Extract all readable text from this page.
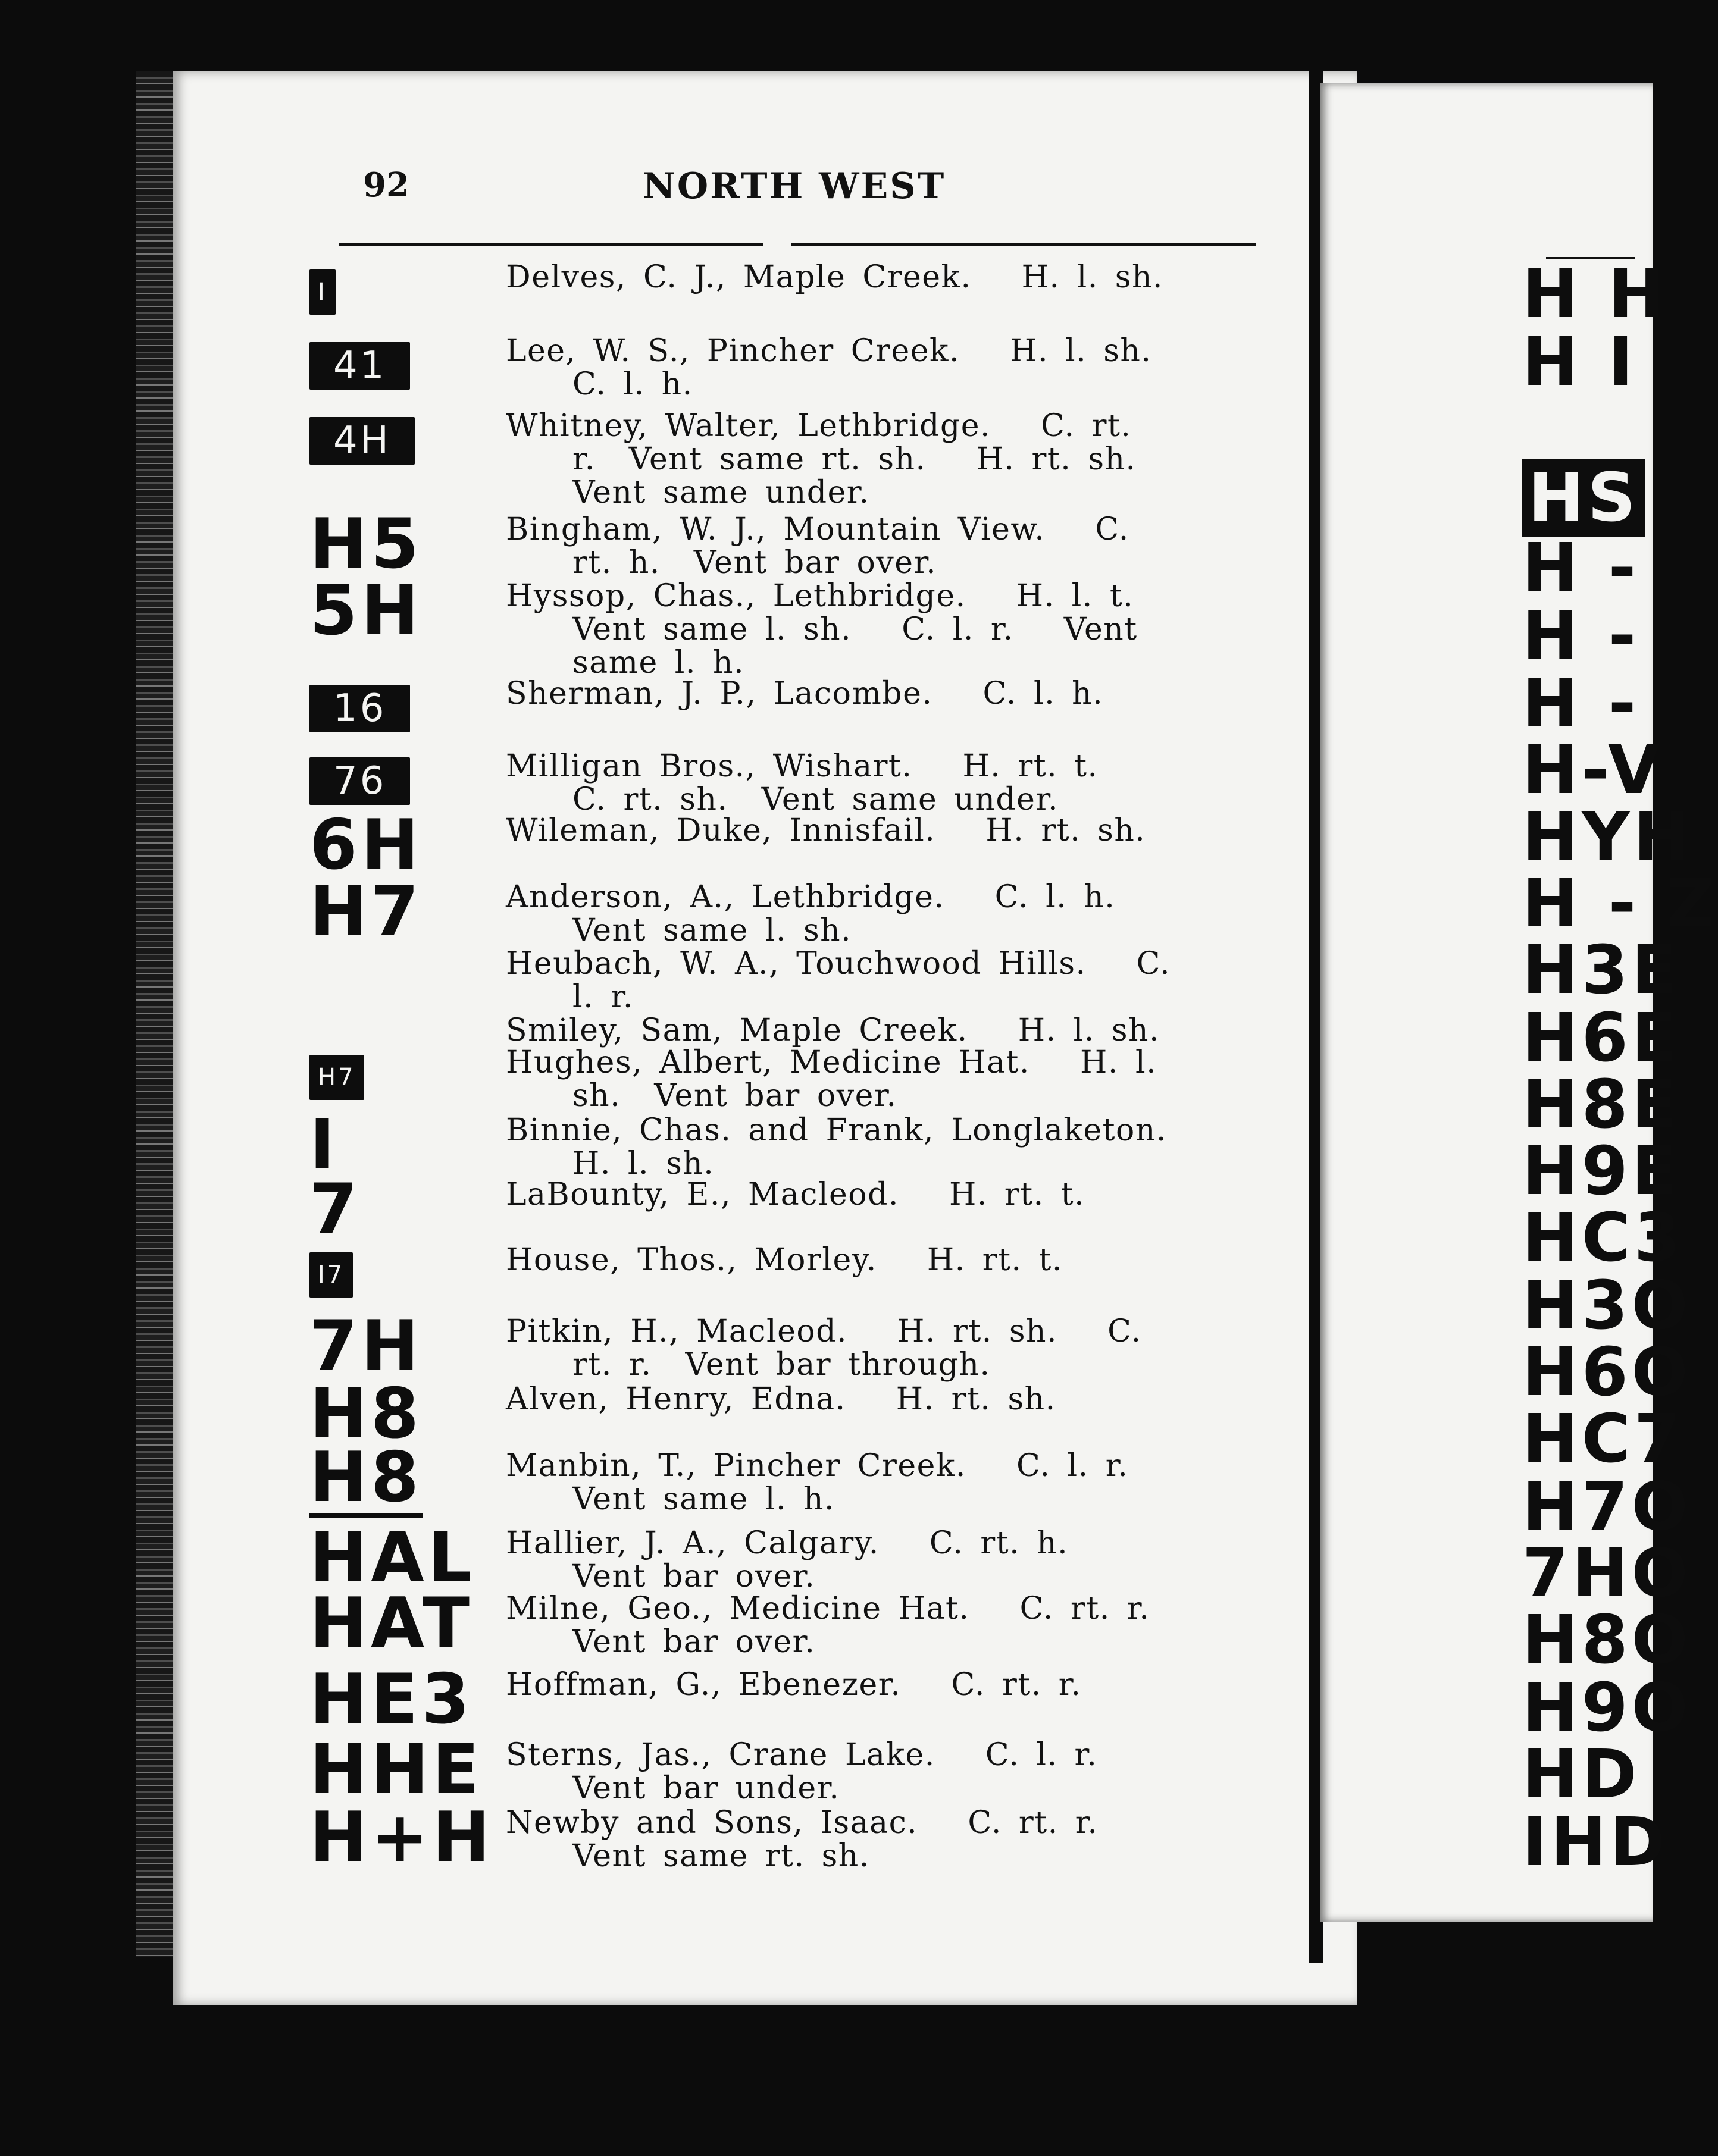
92	NORTH WEST
H H
H I
HS
H -
H -
H -
H-V
HYH
H - Z
H3E
H6E
H8E
H9E
HC3
H3O
H6O
HC7
H7O
7HO
H8O
H9O
HD
IHD
I	Delves, C. J., Maple Creek.   H. l. sh.
41	Lee, W. S., Pincher Creek.   H. l. sh.
C. l. h.
4H	Whitney, Walter, Lethbridge.   C. rt.
r.  Vent same rt. sh.   H. rt. sh.
Vent same under.
H5	Bingham, W. J., Mountain View.   C.
rt. h.  Vent bar over.
5H	Hyssop, Chas., Lethbridge.   H. l. t.
Vent same l. sh.   C. l. r.   Vent
same l. h.
16	Sherman, J. P., Lacombe.   C. l. h.
76	Milligan Bros., Wishart.   H. rt. t.
C. rt. sh.  Vent same under.
6H	Wileman, Duke, Innisfail.   H. rt. sh.
H7	Anderson, A., Lethbridge.   C. l. h.
Vent same l. sh.
Heubach, W. A., Touchwood Hills.   C.
l. r.
Smiley, Sam, Maple Creek.   H. l. sh.
H7	Hughes, Albert, Medicine Hat.   H. l.
sh.  Vent bar over.
I	Binnie, Chas. and Frank, Longlaketon.
H. l. sh.
7	LaBounty, E., Macleod.   H. rt. t.
I7	House, Thos., Morley.   H. rt. t.
7H	Pitkin, H., Macleod.   H. rt. sh.   C.
rt. r.  Vent bar through.
H8	Alven, Henry, Edna.   H. rt. sh.
H8	Manbin, T., Pincher Creek.   C. l. r.
Vent same l. h.
HAL Hallier, J. A., Calgary.   C. rt. h.
Vent bar over.
HAT Milne, Geo., Medicine Hat.   C. rt. r.
Vent bar over.
HE3 Hoffman, G., Ebenezer.   C. rt. r.
HHE Sterns, Jas., Crane Lake.   C. l. r.
Vent bar under.
H+H Newby and Sons, Isaac.   C. rt. r.
Vent same rt. sh.
